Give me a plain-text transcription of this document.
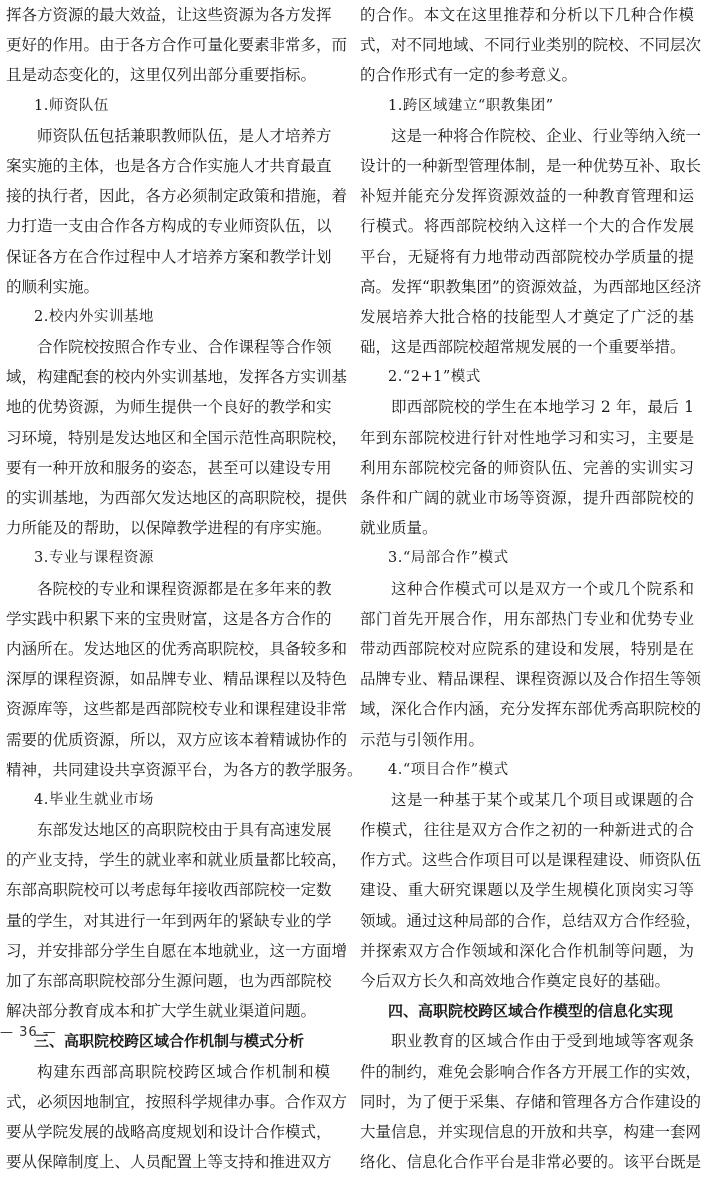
挥各方资源的最大效益，让这些资源为各方发挥
更好的作用。由于各方合作可量化要素非常多，而
且是动态变化的，这里仅列出部分重要指标。
1.师资队伍
师资队伍包括兼职教师队伍，是人才培养方
案实施的主体，也是各方合作实施人才共育最直
接的执行者，因此，各方必须制定政策和措施，着
力打造一支由合作各方构成的专业师资队伍，以
保证各方在合作过程中人才培养方案和教学计划
的顺利实施。
2.校内外实训基地
合作院校按照合作专业、合作课程等合作领
域，构建配套的校内外实训基地，发挥各方实训基
地的优势资源，为师生提供一个良好的教学和实
习环境，特别是发达地区和全国示范性高职院校，
要有一种开放和服务的姿态，甚至可以建设专用
的实训基地，为西部欠发达地区的高职院校，提供
力所能及的帮助，以保障教学进程的有序实施。
3.专业与课程资源
各院校的专业和课程资源都是在多年来的教
学实践中积累下来的宝贵财富，这是各方合作的
内涵所在。发达地区的优秀高职院校，具备较多和
深厚的课程资源，如品牌专业、精品课程以及特色
资源库等，这些都是西部院校专业和课程建设非常
需要的优质资源，所以，双方应该本着精诚协作的
精神，共同建设共享资源平台，为各方的教学服务。
4.毕业生就业市场
东部发达地区的高职院校由于具有高速发展
的产业支持，学生的就业率和就业质量都比较高，
东部高职院校可以考虑每年接收西部院校一定数
量的学生，对其进行一年到两年的紧缺专业的学
习，并安排部分学生自愿在本地就业，这一方面增
加了东部高职院校部分生源问题，也为西部院校
解决部分教育成本和扩大学生就业渠道问题。
三、高职院校跨区域合作机制与模式分析
构建东西部高职院校跨区域合作机制和模
式，必须因地制宜，按照科学规律办事。合作双方
要从学院发展的战略高度规划和设计合作模式，
要从保障制度上、人员配置上等支持和推进双方
的合作。本文在这里推荐和分析以下几种合作模
式，对不同地域、不同行业类别的院校、不同层次
的合作形式有一定的参考意义。
1.跨区域建立“职教集团”
这是一种将合作院校、企业、行业等纳入统一
设计的一种新型管理体制，是一种优势互补、取长
补短并能充分发挥资源效益的一种教育管理和运
行模式。将西部院校纳入这样一个大的合作发展
平台，无疑将有力地带动西部院校办学质量的提
高。发挥“职教集团”的资源效益，为西部地区经济
发展培养大批合格的技能型人才奠定了广泛的基
础，这是西部院校超常规发展的一个重要举措。
2.“2+1”模式
即西部院校的学生在本地学习 2 年，最后 1
年到东部院校进行针对性地学习和实习，主要是
利用东部院校完备的师资队伍、完善的实训实习
条件和广阔的就业市场等资源，提升西部院校的
就业质量。
3.“局部合作”模式
这种合作模式可以是双方一个或几个院系和
部门首先开展合作，用东部热门专业和优势专业
带动西部院校对应院系的建设和发展，特别是在
品牌专业、精品课程、课程资源以及合作招生等领
域，深化合作内涵，充分发挥东部优秀高职院校的
示范与引领作用。
4.“项目合作”模式
这是一种基于某个或某几个项目或课题的合
作模式，往往是双方合作之初的一种新进式的合
作方式。这些合作项目可以是课程建设、师资队伍
建设、重大研究课题以及学生规模化顶岗实习等
领域。通过这种局部的合作，总结双方合作经验，
并探索双方合作领域和深化合作机制等问题，为
今后双方长久和高效地合作奠定良好的基础。
四、高职院校跨区域合作模型的信息化实现
职业教育的区域合作由于受到地域等客观条
件的制约，难免会影响合作各方开展工作的实效，
同时，为了便于采集、存储和管理各方合作建设的
大量信息，并实现信息的开放和共享，构建一套网
络化、信息化合作平台是非常必要的。该平台既是
— 36 —
